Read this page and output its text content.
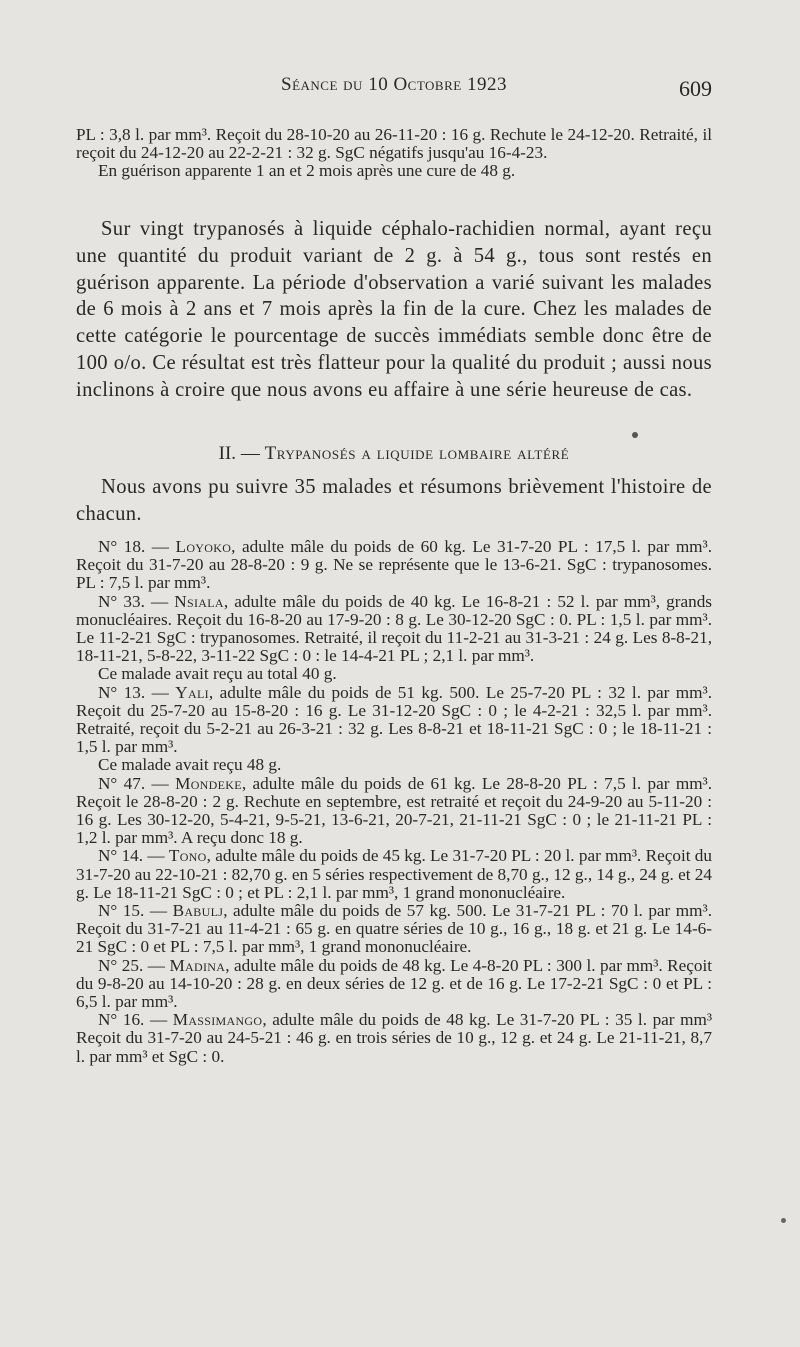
Séance du 10 Octobre 1923	609
PL : 3,8 l. par mm³. Reçoit du 28-10-20 au 26-11-20 : 16 g. Rechute le 24-12-20. Retraité, il reçoit du 24-12-20 au 22-2-21 : 32 g. SgC négatifs jusqu'au 16-4-23.
En guérison apparente 1 an et 2 mois après une cure de 48 g.

Sur vingt trypanosés à liquide céphalo-rachidien normal, ayant reçu une quantité du produit variant de 2 g. à 54 g., tous sont restés en guérison apparente. La période d'observation a varié suivant les malades de 6 mois à 2 ans et 7 mois après la fin de la cure. Chez les malades de cette catégorie le pourcentage de succès immédiats semble donc être de 100 o/o. Ce résultat est très flatteur pour la qualité du produit ; aussi nous inclinons à croire que nous avons eu affaire à une série heureuse de cas.

II. — Trypanosés a liquide lombaire altéré

Nous avons pu suivre 35 malades et résumons brièvement l'histoire de chacun.

N° 18. — Loyoko, adulte mâle du poids de 60 kg. Le 31-7-20 PL : 17,5 l. par mm³. Reçoit du 31-7-20 au 28-8-20 : 9 g. Ne se représente que le 13-6-21. SgC : trypanosomes. PL : 7,5 l. par mm³.
N° 33. — Nsiala, adulte mâle du poids de 40 kg. Le 16-8-21 : 52 l. par mm³, grands monucléaires. Reçoit du 16-8-20 au 17-9-20 : 8 g. Le 30-12-20 SgC : 0. PL : 1,5 l. par mm³. Le 11-2-21 SgC : trypanosomes. Retraité, il reçoit du 11-2-21 au 31-3-21 : 24 g. Les 8-8-21, 18-11-21, 5-8-22, 3-11-22 SgC : 0 : le 14-4-21 PL ; 2,1 l. par mm³.
Ce malade avait reçu au total 40 g.
N° 13. — Yali, adulte mâle du poids de 51 kg. 500. Le 25-7-20 PL : 32 l. par mm³. Reçoit du 25-7-20 au 15-8-20 : 16 g. Le 31-12-20 SgC : 0 ; le 4-2-21 : 32,5 l. par mm³. Retraité, reçoit du 5-2-21 au 26-3-21 : 32 g. Les 8-8-21 et 18-11-21 SgC : 0 ; le 18-11-21 : 1,5 l. par mm³.
Ce malade avait reçu 48 g.
N° 47. — Mondeke, adulte mâle du poids de 61 kg. Le 28-8-20 PL : 7,5 l. par mm³. Reçoit le 28-8-20 : 2 g. Rechute en septembre, est retraité et reçoit du 24-9-20 au 5-11-20 : 16 g. Les 30-12-20, 5-4-21, 9-5-21, 13-6-21, 20-7-21, 21-11-21 SgC : 0 ; le 21-11-21 PL : 1,2 l. par mm³. A reçu donc 18 g.
N° 14. — Tono, adulte mâle du poids de 45 kg. Le 31-7-20 PL : 20 l. par mm³. Reçoit du 31-7-20 au 22-10-21 : 82,70 g. en 5 séries respectivement de 8,70 g., 12 g., 14 g., 24 g. et 24 g. Le 18-11-21 SgC : 0 ; et PL : 2,1 l. par mm³, 1 grand mononucléaire.
N° 15. — Babulj, adulte mâle du poids de 57 kg. 500. Le 31-7-21 PL : 70 l. par mm³. Reçoit du 31-7-21 au 11-4-21 : 65 g. en quatre séries de 10 g., 16 g., 18 g. et 21 g. Le 14-6-21 SgC : 0 et PL : 7,5 l. par mm³, 1 grand mononucléaire.
N° 25. — Madina, adulte mâle du poids de 48 kg. Le 4-8-20 PL : 300 l. par mm³. Reçoit du 9-8-20 au 14-10-20 : 28 g. en deux séries de 12 g. et de 16 g. Le 17-2-21 SgC : 0 et PL : 6,5 l. par mm³.
N° 16. — Massimango, adulte mâle du poids de 48 kg. Le 31-7-20 PL : 35 l. par mm³ Reçoit du 31-7-20 au 24-5-21 : 46 g. en trois séries de 10 g., 12 g. et 24 g. Le 21-11-21, 8,7 l. par mm³ et SgC : 0.
